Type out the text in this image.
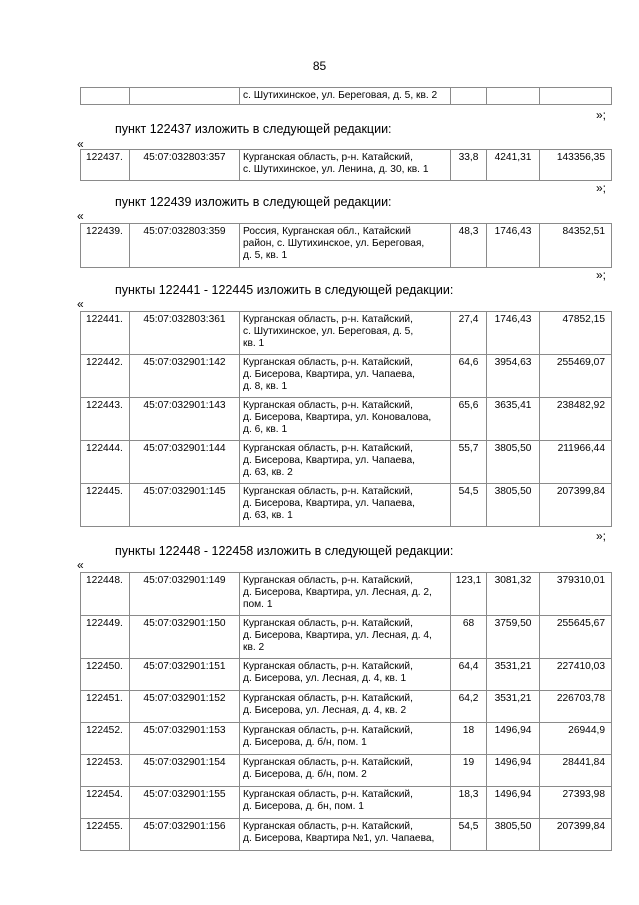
85

с. Шутихинское, ул. Береговая, д. 5, кв. 2

»;
пункт 122437 изложить в следующей редакции:
«
122437.	45:07:032803:357	Курганская область, р-н. Катайский,
с. Шутихинское, ул. Ленина, д. 30, кв. 1
	33,8	4241,31	143356,35
»;
пункт 122439 изложить в следующей редакции:
«
122439.	45:07:032803:359	Россия, Курганская обл., Катайский
район, с. Шутихинское, ул. Береговая,
д. 5, кв. 1
	48,3	1746,43	84352,51
»;
пункты 122441 - 122445 изложить в следующей редакции:
«
122441.	45:07:032803:361	Курганская область, р-н. Катайский,
с. Шутихинское, ул. Береговая, д. 5,
кв. 1	27,4	1746,43	47852,15
122442.	45:07:032901:142	Курганская область, р-н. Катайский,
д. Бисерова, Квартира, ул. Чапаева,
д. 8, кв. 1	64,6	3954,63	255469,07
122443.	45:07:032901:143	Курганская область, р-н. Катайский,
д. Бисерова, Квартира, ул. Коновалова,
д. 6, кв. 1	65,6	3635,41	238482,92
122444.	45:07:032901:144	Курганская область, р-н. Катайский,
д. Бисерова, Квартира, ул. Чапаева,
д. 63, кв. 2	55,7	3805,50	211966,44
122445.	45:07:032901:145	Курганская область, р-н. Катайский,
д. Бисерова, Квартира, ул. Чапаева,
д. 63, кв. 1	54,5	3805,50	207399,84
»;
пункты 122448 - 122458 изложить в следующей редакции:
«
122448.	45:07:032901:149	Курганская область, р-н. Катайский,
д. Бисерова, Квартира, ул. Лесная, д. 2,
пом. 1	123,1	3081,32	379310,01
122449.	45:07:032901:150	Курганская область, р-н. Катайский,
д. Бисерова, Квартира, ул. Лесная, д. 4,
кв. 2	68	3759,50	255645,67
122450.	45:07:032901:151	Курганская область, р-н. Катайский,
д. Бисерова, ул. Лесная, д. 4, кв. 1	64,4	3531,21	227410,03
122451.	45:07:032901:152	Курганская область, р-н. Катайский,
д. Бисерова, ул. Лесная, д. 4, кв. 2	64,2	3531,21	226703,78
122452.	45:07:032901:153	Курганская область, р-н. Катайский,
д. Бисерова, д. б/н, пом. 1	18	1496,94	26944,9
122453.	45:07:032901:154	Курганская область, р-н. Катайский,
д. Бисерова, д. б/н, пом. 2	19	1496,94	28441,84
122454.	45:07:032901:155	Курганская область, р-н. Катайский,
д. Бисерова, д. бн, пом. 1	18,3	1496,94	27393,98
122455.	45:07:032901:156	Курганская область, р-н. Катайский,
д. Бисерова, Квартира №1, ул. Чапаева,	54,5	3805,50	207399,84
